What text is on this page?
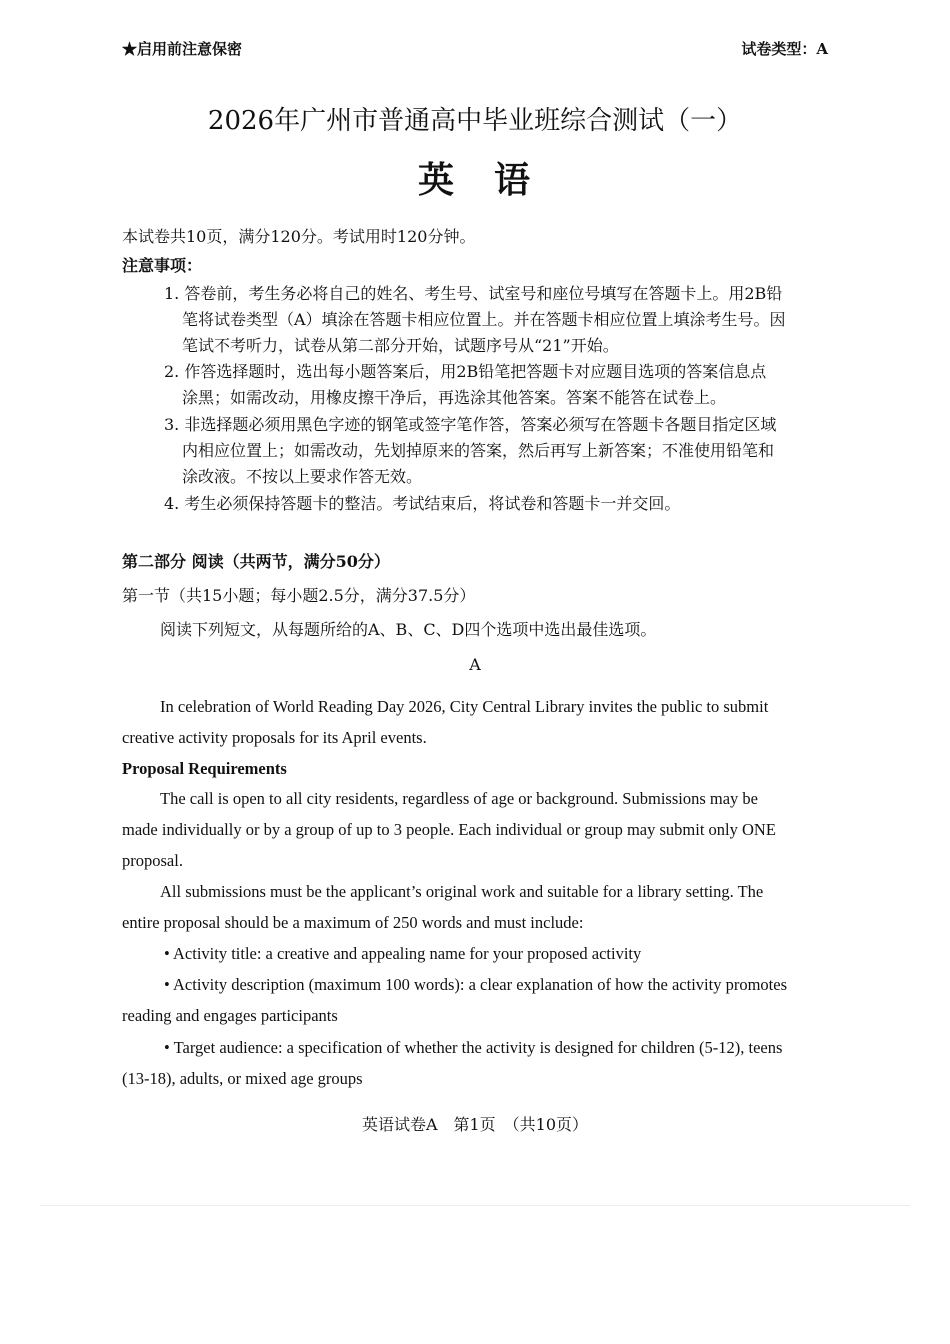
★启用前注意保密	试卷类型：A
2026年广州市普通高中毕业班综合测试（一）
英　语
本试卷共10页，满分120分。考试用时120分钟。
注意事项：
1. 答卷前，考生务必将自己的姓名、考生号、试室号和座位号填写在答题卡上。用2B铅
笔将试卷类型（A）填涂在答题卡相应位置上。并在答题卡相应位置上填涂考生号。因
笔试不考听力，试卷从第二部分开始，试题序号从“21”开始。
2. 作答选择题时，选出每小题答案后，用2B铅笔把答题卡对应题目选项的答案信息点
涂黑；如需改动，用橡皮擦干净后，再选涂其他答案。答案不能答在试卷上。
3. 非选择题必须用黑色字迹的钢笔或签字笔作答，答案必须写在答题卡各题目指定区域
内相应位置上；如需改动，先划掉原来的答案，然后再写上新答案；不准使用铅笔和
涂改液。不按以上要求作答无效。
4. 考生必须保持答题卡的整洁。考试结束后，将试卷和答题卡一并交回。
第二部分 阅读（共两节，满分50分）
第一节（共15小题；每小题2.5分，满分37.5分）
阅读下列短文，从每题所给的A、B、C、D四个选项中选出最佳选项。
A
In celebration of World Reading Day 2026, City Central Library invites the public to submit
creative activity proposals for its April events.
Proposal Requirements
The call is open to all city residents, regardless of age or background. Submissions may be
made individually or by a group of up to 3 people. Each individual or group may submit only ONE
proposal.
All submissions must be the applicant’s original work and suitable for a library setting. The
entire proposal should be a maximum of 250 words and must include:
• Activity title: a creative and appealing name for your proposed activity
• Activity description (maximum 100 words): a clear explanation of how the activity promotes
reading and engages participants
• Target audience: a specification of whether the activity is designed for children (5-12), teens
(13-18), adults, or mixed age groups
英语试卷A　第1页　（共10页）
